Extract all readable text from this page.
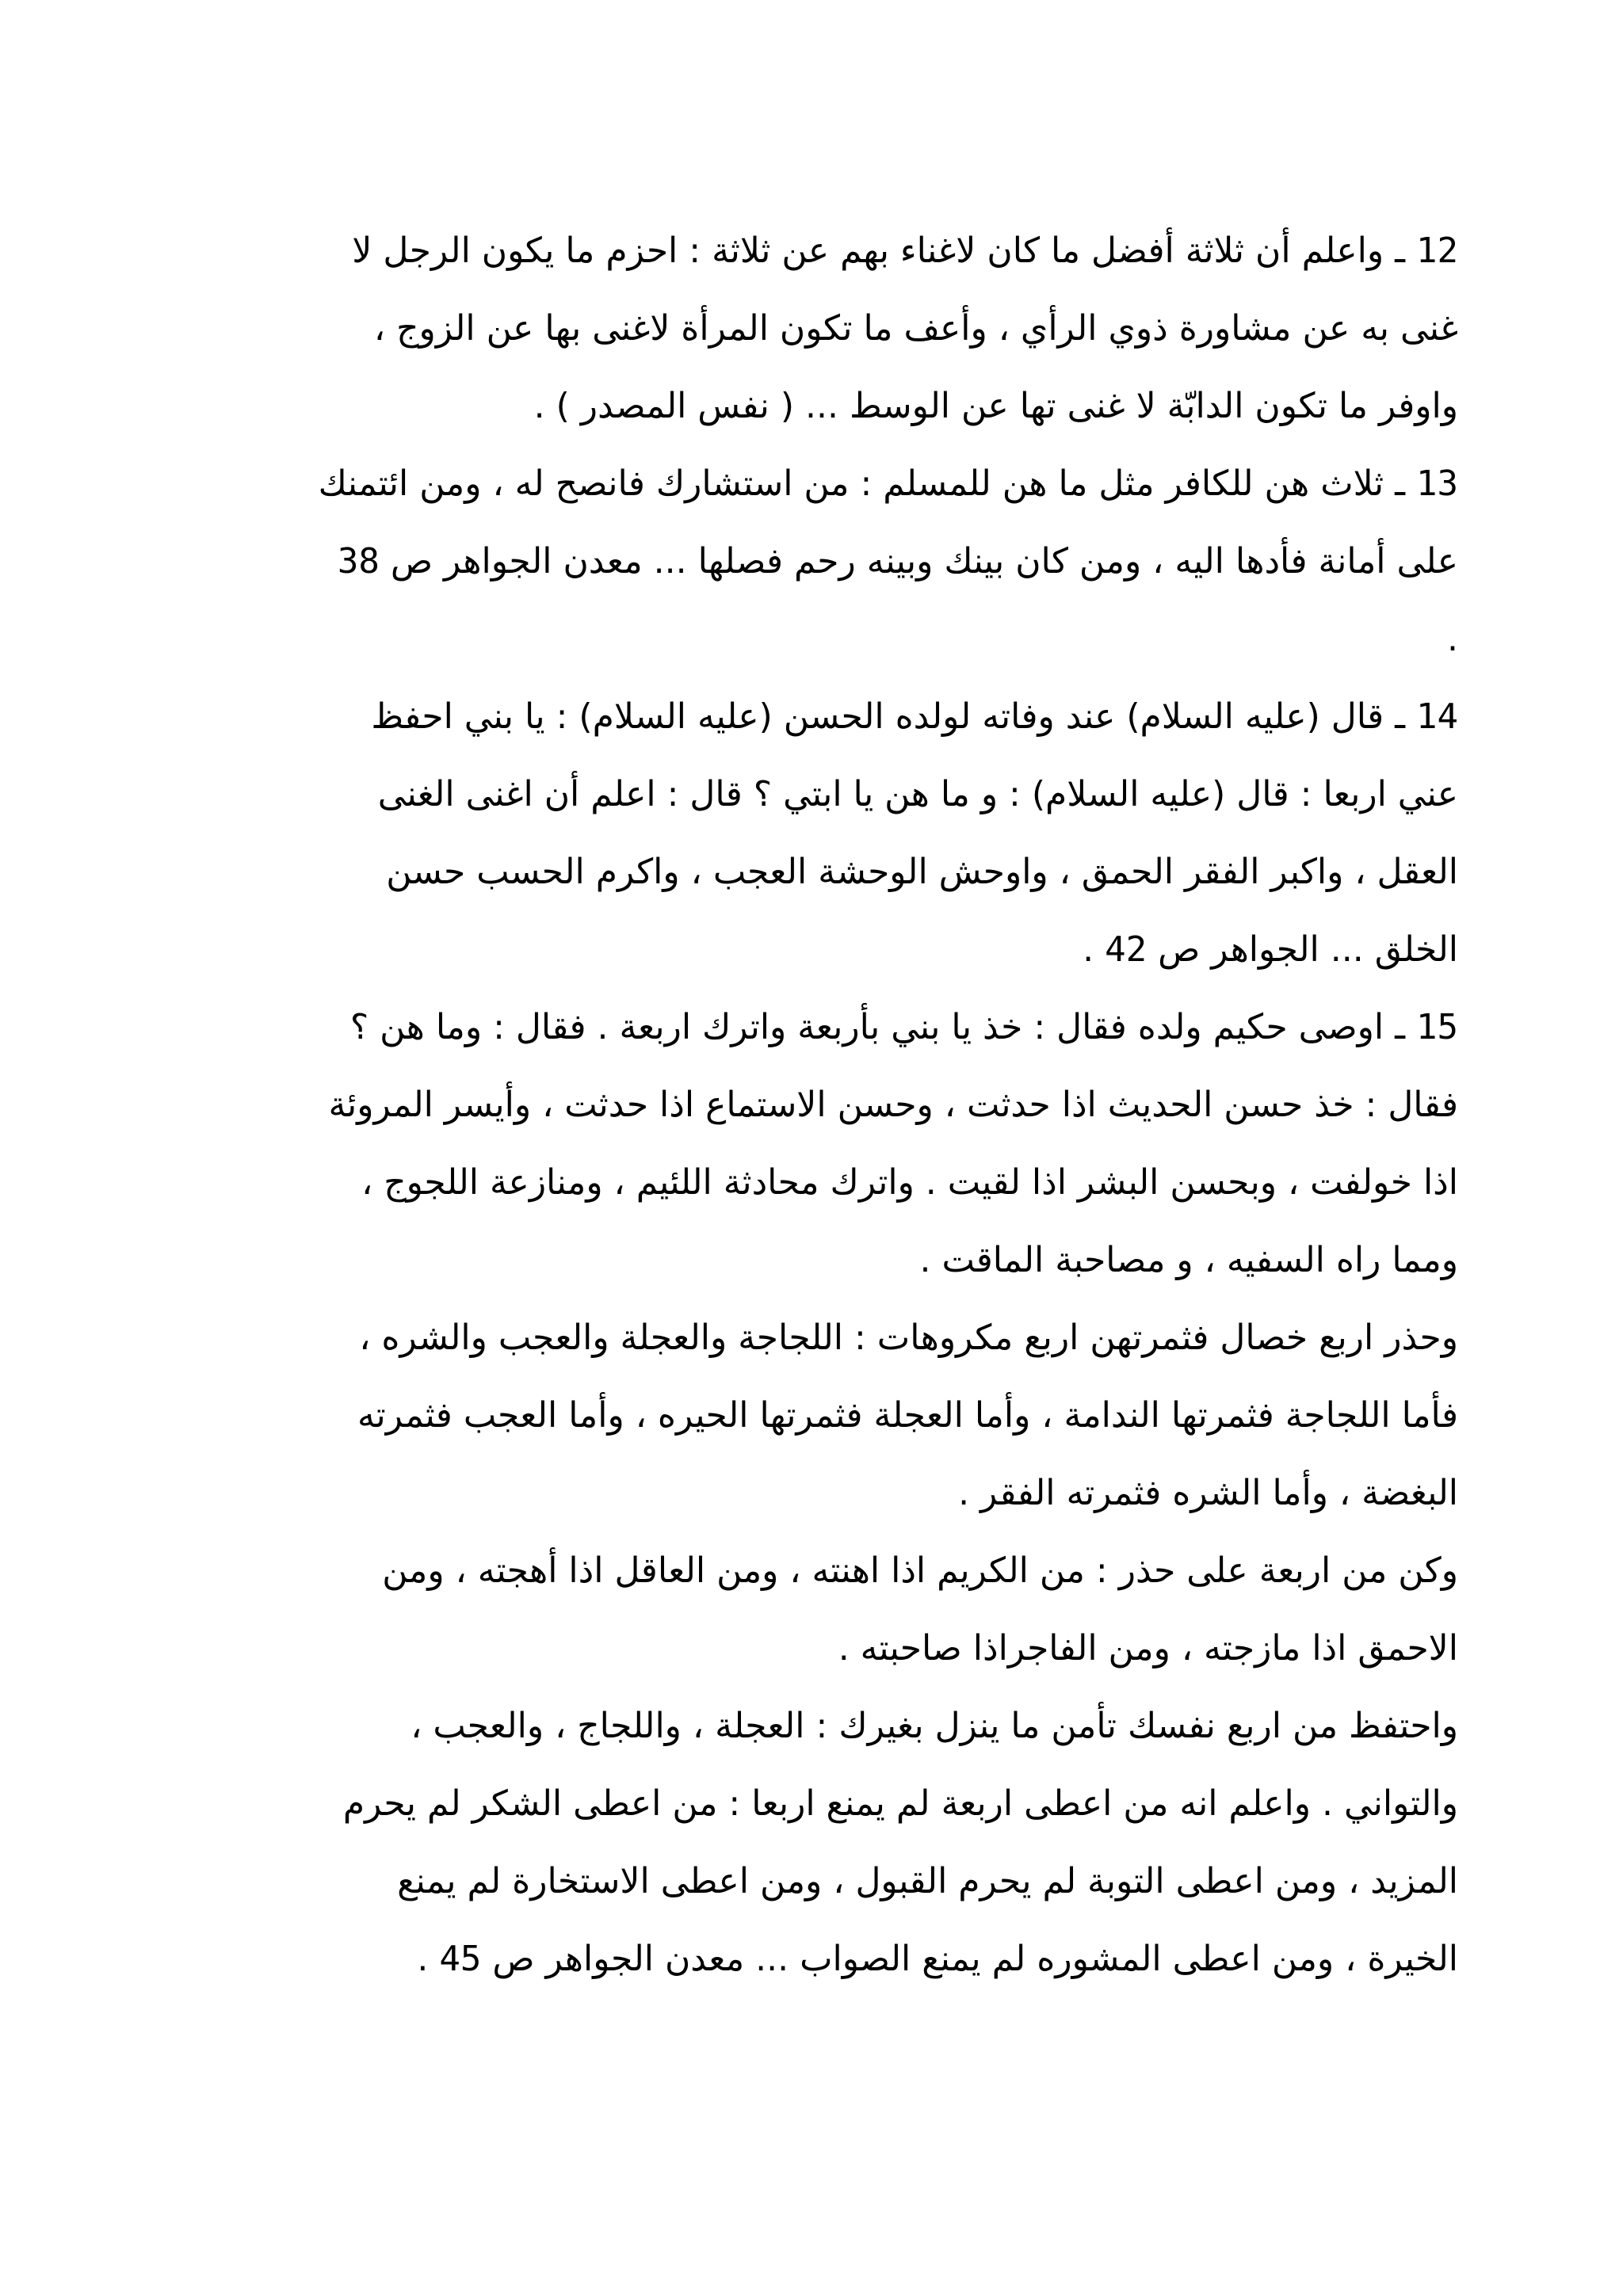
12 ـ واعلم أن ثلاثة أفضل ما كان لاغناء بهم عن ثلاثة : احزم ما يكون الرجل لا
غنى به عن مشاورة ذوي الرأي ، وأعف ما تكون المرأة لاغنى بها عن الزوج ،
واوفر ما تكون الدابّة لا غنى تها عن الوسط ... ( نفس المصدر ) .
13 ـ ثلاث هن للكافر مثل ما هن للمسلم : من استشارك فانصح له ، ومن ائتمنك
على أمانة فأدها اليه ، ومن كان بينك وبينه رحم فصلها ... معدن الجواهر ص 38
.
14 ـ قال (عليه السلام) عند وفاته لولده الحسن (عليه السلام) : يا بني احفظ
عني اربعا : قال (عليه السلام) : و ما هن يا ابتي ؟ قال : اعلم أن اغنى الغنى
العقل ، واكبر الفقر الحمق ، واوحش الوحشة العجب ، واكرم الحسب حسن
الخلق ... الجواهر ص 42 .
15 ـ اوصى حكيم ولده فقال : خذ يا بني بأربعة واترك اربعة . فقال : وما هن ؟
فقال : خذ حسن الحديث اذا حدثت ، وحسن الاستماع اذا حدثت ، وأيسر المروئة
اذا خولفت ، وبحسن البشر اذا لقيت . واترك محادثة اللئيم ، ومنازعة اللجوج ،
ومما راه السفيه ، و مصاحبة الماقت .
وحذر اربع خصال فثمرتهن اربع مكروهات : اللجاجة والعجلة والعجب والشره ،
فأما اللجاجة فثمرتها الندامة ، وأما العجلة فثمرتها الحيره ، وأما العجب فثمرته
البغضة ، وأما الشره فثمرته الفقر .
وكن من اربعة على حذر : من الكريم اذا اهنته ، ومن العاقل اذا أهجته ، ومن
الاحمق اذا مازجته ، ومن الفاجراذا صاحبته .
واحتفظ من اربع نفسك تأمن ما ينزل بغيرك : العجلة ، واللجاج ، والعجب ،
والتواني . واعلم انه من اعطى اربعة لم يمنع اربعا : من اعطى الشكر لم يحرم
المزيد ، ومن اعطى التوبة لم يحرم القبول ، ومن اعطى الاستخارة لم يمنع
الخيرة ، ومن اعطى المشوره لم يمنع الصواب ... معدن الجواهر ص 45 .
